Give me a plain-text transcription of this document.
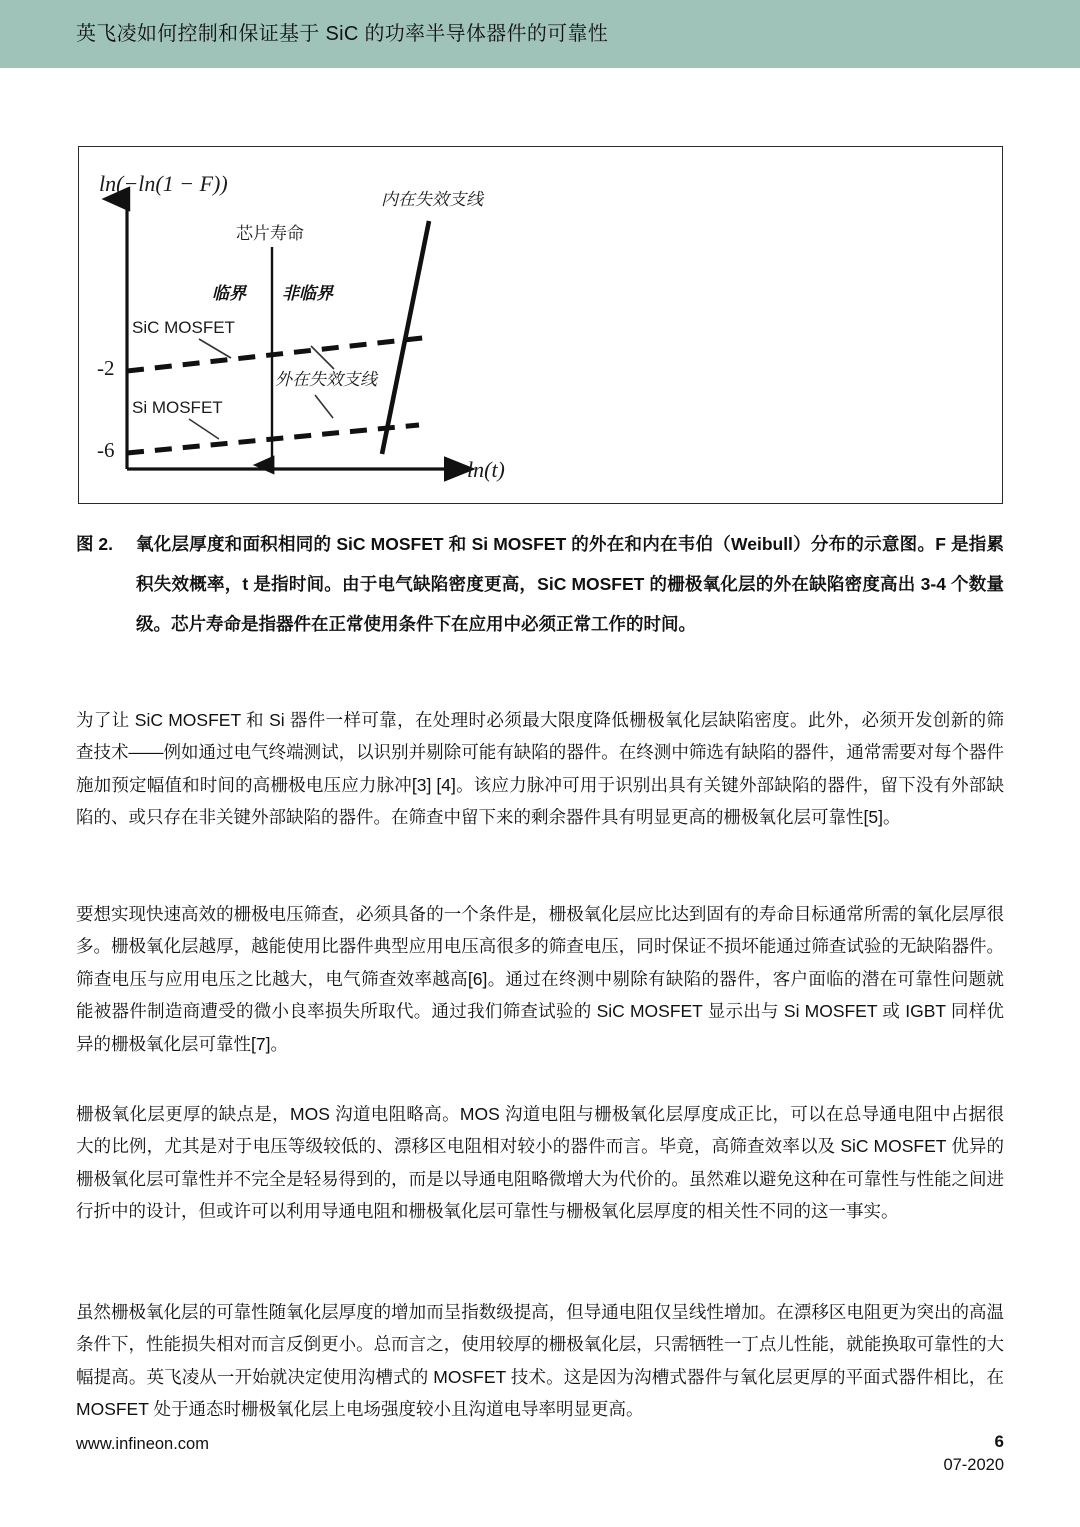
英飞凌如何控制和保证基于 SiC 的功率半导体器件的可靠性
ln(−ln(1 − F))
ln(t)
-2
-6
芯片寿命
临界 非临界
SiC MOSFET
Si MOSFET
内在失效支线
外在失效支线
图 2. 氧化层厚度和面积相同的 SiC MOSFET 和 Si MOSFET 的外在和内在韦伯（Weibull）分布的示意图。F 是指累积失效概率，t 是指时间。由于电气缺陷密度更高，SiC MOSFET 的栅极氧化层的外在缺陷密度高出 3-4 个数量级。芯片寿命是指器件在正常使用条件下在应用中必须正常工作的时间。

为了让 SiC MOSFET 和 Si 器件一样可靠，在处理时必须最大限度降低栅极氧化层缺陷密度。此外，必须开发创新的筛查技术——例如通过电气终端测试，以识别并剔除可能有缺陷的器件。在终测中筛选有缺陷的器件，通常需要对每个器件施加预定幅值和时间的高栅极电压应力脉冲[3] [4]。该应力脉冲可用于识别出具有关键外部缺陷的器件，留下没有外部缺陷的、或只存在非关键外部缺陷的器件。在筛查中留下来的剩余器件具有明显更高的栅极氧化层可靠性[5]。

要想实现快速高效的栅极电压筛查，必须具备的一个条件是，栅极氧化层应比达到固有的寿命目标通常所需的氧化层厚很多。栅极氧化层越厚，越能使用比器件典型应用电压高很多的筛查电压，同时保证不损坏能通过筛查试验的无缺陷器件。筛查电压与应用电压之比越大，电气筛查效率越高[6]。通过在终测中剔除有缺陷的器件，客户面临的潜在可靠性问题就能被器件制造商遭受的微小良率损失所取代。通过我们筛查试验的 SiC MOSFET 显示出与 Si MOSFET 或 IGBT 同样优异的栅极氧化层可靠性[7]。

栅极氧化层更厚的缺点是，MOS 沟道电阻略高。MOS 沟道电阻与栅极氧化层厚度成正比，可以在总导通电阻中占据很大的比例，尤其是对于电压等级较低的、漂移区电阻相对较小的器件而言。毕竟，高筛查效率以及 SiC MOSFET 优异的栅极氧化层可靠性并不完全是轻易得到的，而是以导通电阻略微增大为代价的。虽然难以避免这种在可靠性与性能之间进行折中的设计，但或许可以利用导通电阻和栅极氧化层可靠性与栅极氧化层厚度的相关性不同的这一事实。

虽然栅极氧化层的可靠性随氧化层厚度的增加而呈指数级提高，但导通电阻仅呈线性增加。在漂移区电阻更为突出的高温条件下，性能损失相对而言反倒更小。总而言之，使用较厚的栅极氧化层，只需牺牲一丁点儿性能，就能换取可靠性的大幅提高。英飞凌从一开始就决定使用沟槽式的 MOSFET 技术。这是因为沟槽式器件与氧化层更厚的平面式器件相比，在 MOSFET 处于通态时栅极氧化层上电场强度较小且沟道电导率明显更高。

www.infineon.com	6
07-2020
